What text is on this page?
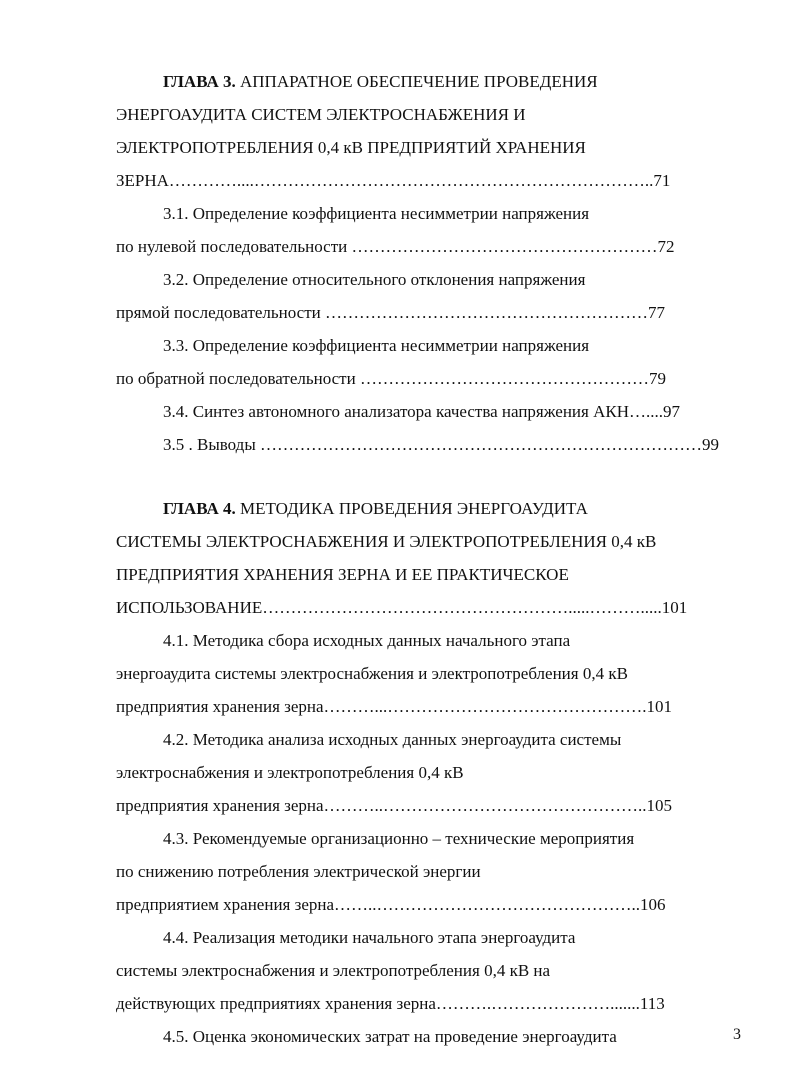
ГЛАВА 3. АППАРАТНОЕ ОБЕСПЕЧЕНИЕ ПРОВЕДЕНИЯ
ЭНЕРГОАУДИТА СИСТЕМ ЭЛЕКТРОСНАБЖЕНИЯ И
ЭЛЕКТРОПОТРЕБЛЕНИЯ 0,4 кВ ПРЕДПРИЯТИЙ ХРАНЕНИЯ
ЗЕРНА…………....……………………………………………………………..71
3.1. Определение коэффициента несимметрии напряжения
по нулевой последовательности ………………………………………………72
3.2. Определение относительного отклонения напряжения
прямой последовательности …………………………………………………77
3.3. Определение коэффициента несимметрии напряжения
по обратной последовательности ……………………………………………79
3.4. Синтез автономного анализатора качества напряжения АКН…....97
3.5 . Выводы ……………………………………………………………………99
ГЛАВА 4. МЕТОДИКА ПРОВЕДЕНИЯ ЭНЕРГОАУДИТА
СИСТЕМЫ ЭЛЕКТРОСНАБЖЕНИЯ И ЭЛЕКТРОПОТРЕБЛЕНИЯ 0,4 кВ
ПРЕДПРИЯТИЯ ХРАНЕНИЯ ЗЕРНА И ЕЕ ПРАКТИЧЕСКОЕ
ИСПОЛЬЗОВАНИЕ……………………………………………….....……….....101
4.1. Методика сбора исходных данных начального этапа
энергоаудита системы электроснабжения и электропотребления 0,4 кВ
предприятия хранения зерна………...……………………………………….101
4.2. Методика анализа исходных данных энергоаудита системы
электроснабжения и электропотребления 0,4 кВ
предприятия хранения зерна………..………………………………………..105
4.3. Рекомендуемые организационно – технические мероприятия
по снижению потребления электрической энергии
предприятием хранения зерна……..………………………………………..106
4.4. Реализация методики начального этапа энергоаудита
системы электроснабжения и электропотребления 0,4 кВ на
действующих предприятиях хранения зерна……….………………….......113
4.5. Оценка экономических затрат на проведение энергоаудита	3
